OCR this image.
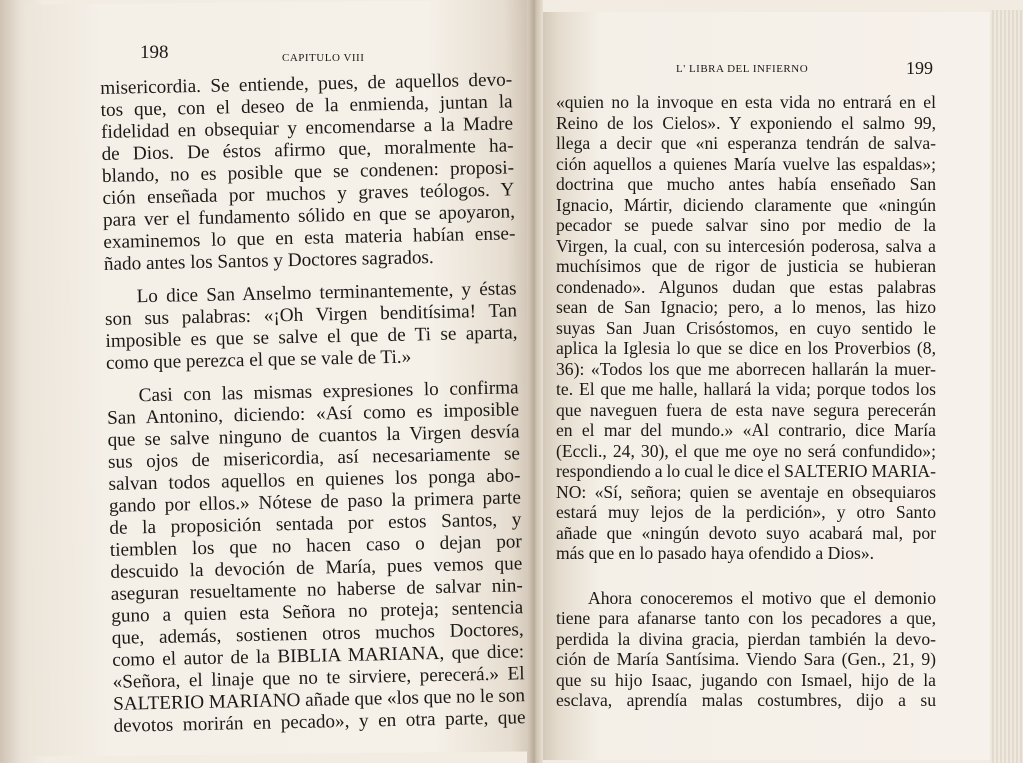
198	CAPITULO VIII
L' LIBRA DEL INFIERNO	199
misericordia. Se entiende, pues, de aquellos devo-
tos que, con el deseo de la enmienda, juntan la
fidelidad en obsequiar y encomendarse a la Madre
de Dios. De éstos afirmo que, moralmente ha-
blando, no es posible que se condenen: proposi-
ción enseñada por muchos y graves teólogos. Y
para ver el fundamento sólido en que se apoyaron,
examinemos lo que en esta materia habían ense-
ñado antes los Santos y Doctores sagrados.
Lo dice San Anselmo terminantemente, y éstas
son sus palabras: «¡Oh Virgen benditísima! Tan
imposible es que se salve el que de Ti se aparta,
como que perezca el que se vale de Ti.»
Casi con las mismas expresiones lo confirma
San Antonino, diciendo: «Así como es imposible
que se salve ninguno de cuantos la Virgen desvía
sus ojos de misericordia, así necesariamente se
salvan todos aquellos en quienes los ponga abo-
gando por ellos.» Nótese de paso la primera parte
de la proposición sentada por estos Santos, y
tiemblen los que no hacen caso o dejan por
descuido la devoción de María, pues vemos que
aseguran resueltamente no haberse de salvar nin-
guno a quien esta Señora no proteja; sentencia
que, además, sostienen otros muchos Doctores,
como el autor de la BIBLIA MARIANA, que dice:
«Señora, el linaje que no te sirviere, perecerá.» El
SALTERIO MARIANO añade que «los que no le son
devotos morirán en pecado», y en otra parte, que
«quien no la invoque en esta vida no entrará en el
Reino de los Cielos». Y exponiendo el salmo 99,
llega a decir que «ni esperanza tendrán de salva-
ción aquellos a quienes María vuelve las espaldas»;
doctrina que mucho antes había enseñado San
Ignacio, Mártir, diciendo claramente que «ningún
pecador se puede salvar sino por medio de la
Virgen, la cual, con su intercesión poderosa, salva a
muchísimos que de rigor de justicia se hubieran
condenado». Algunos dudan que estas palabras
sean de San Ignacio; pero, a lo menos, las hizo
suyas San Juan Crisóstomos, en cuyo sentido le
aplica la Iglesia lo que se dice en los Proverbios (8,
36): «Todos los que me aborrecen hallarán la muer-
te. El que me halle, hallará la vida; porque todos los
que naveguen fuera de esta nave segura perecerán
en el mar del mundo.» «Al contrario, dice María
(Eccli., 24, 30), el que me oye no será confundido»;
respondiendo a lo cual le dice el SALTERIO MARIA-
NO: «Sí, señora; quien se aventaje en obsequiaros
estará muy lejos de la perdición», y otro Santo
añade que «ningún devoto suyo acabará mal, por
más que en lo pasado haya ofendido a Dios».
Ahora conoceremos el motivo que el demonio
tiene para afanarse tanto con los pecadores a que,
perdida la divina gracia, pierdan también la devo-
ción de María Santísima. Viendo Sara (Gen., 21, 9)
que su hijo Isaac, jugando con Ismael, hijo de la
esclava, aprendía malas costumbres, dijo a su
